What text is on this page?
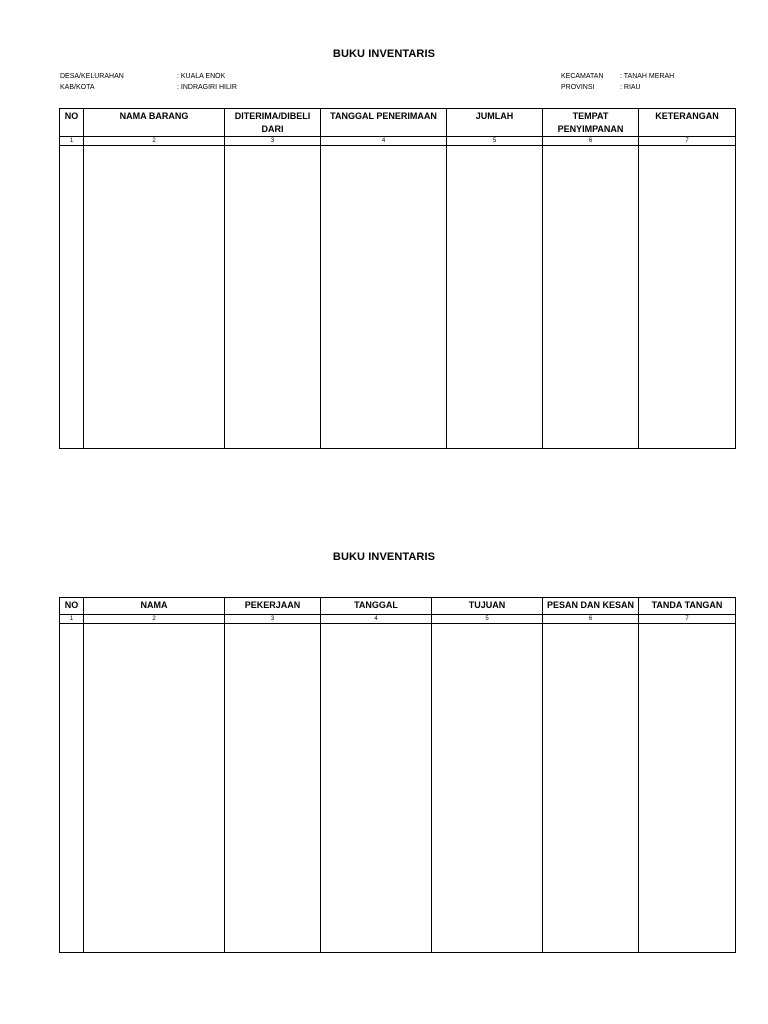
BUKU INVENTARIS
DESA/KELURAHAN	: KUALA ENOK
KAB/KOTA	: INDRAGIRI HILIR
KECAMATAN	: TANAH MERAH
PROVINSI	: RIAU
NO	NAMA BARANG	DITERIMA/DIBELI DARI	TANGGAL PENERIMAAN	JUMLAH	TEMPAT PENYIMPANAN	KETERANGAN
1	2	3	4	5	6	7

BUKU INVENTARIS
NO	NAMA	PEKERJAAN	TANGGAL	TUJUAN	PESAN DAN KESAN	TANDA TANGAN
1	2	3	4	5	6	7
